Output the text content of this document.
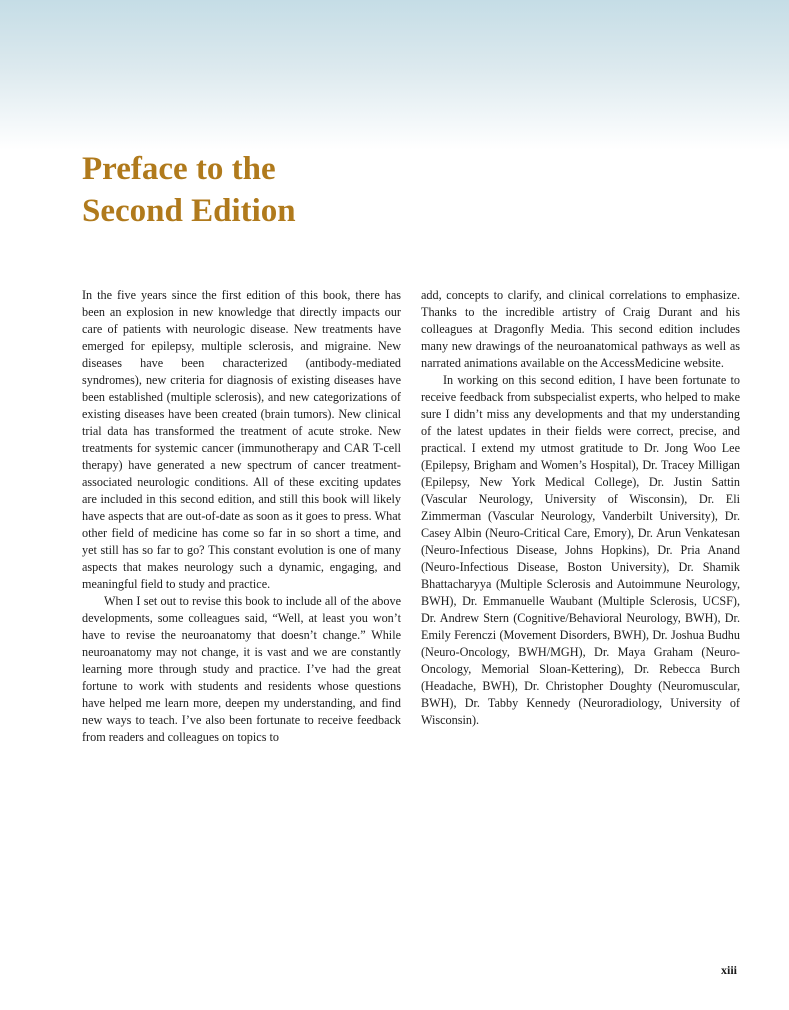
Preface to the
Second Edition

In the five years since the first edition of this book, there has been an explosion in new knowledge that directly impacts our care of patients with neurologic disease. New treatments have emerged for epilepsy, multiple sclerosis, and migraine. New diseases have been characterized (antibody-mediated syndromes), new criteria for diagnosis of existing diseases have been established (multiple sclerosis), and new categorizations of existing diseases have been created (brain tumors). New clinical trial data has transformed the treatment of acute stroke. New treatments for systemic cancer (immunotherapy and CAR T-cell therapy) have generated a new spectrum of cancer treatment-associated neurologic conditions. All of these exciting updates are included in this second edition, and still this book will likely have aspects that are out-of-date as soon as it goes to press. What other field of medicine has come so far in so short a time, and yet still has so far to go? This constant evolution is one of many aspects that makes neurology such a dynamic, engaging, and meaningful field to study and practice.

When I set out to revise this book to include all of the above developments, some colleagues said, “Well, at least you won’t have to revise the neuroanatomy that doesn’t change.” While neuroanatomy may not change, it is vast and we are constantly learning more through study and practice. I’ve had the great fortune to work with students and residents whose questions have helped me learn more, deepen my understanding, and find new ways to teach. I’ve also been fortunate to receive feedback from readers and colleagues on topics to

add, concepts to clarify, and clinical correlations to emphasize. Thanks to the incredible artistry of Craig Durant and his colleagues at Dragonfly Media. This second edition includes many new drawings of the neuroanatomical pathways as well as narrated animations available on the AccessMedicine website.

In working on this second edition, I have been fortunate to receive feedback from subspecialist experts, who helped to make sure I didn’t miss any developments and that my understanding of the latest updates in their fields were correct, precise, and practical. I extend my utmost gratitude to Dr. Jong Woo Lee (Epilepsy, Brigham and Women’s Hospital), Dr. Tracey Milligan (Epilepsy, New York Medical College), Dr. Justin Sattin (Vascular Neurology, University of Wisconsin), Dr. Eli Zimmerman (Vascular Neurology, Vanderbilt University), Dr. Casey Albin (Neuro-Critical Care, Emory), Dr. Arun Venkatesan (Neuro-Infectious Disease, Johns Hopkins), Dr. Pria Anand (Neuro-Infectious Disease, Boston University), Dr. Shamik Bhattacharyya (Multiple Sclerosis and Autoimmune Neurology, BWH), Dr. Emmanuelle Waubant (Multiple Sclerosis, UCSF), Dr. Andrew Stern (Cognitive/Behavioral Neurology, BWH), Dr. Emily Ferenczi (Movement Disorders, BWH), Dr. Joshua Budhu (Neuro-Oncology, BWH/MGH), Dr. Maya Graham (Neuro-Oncology, Memorial Sloan-Kettering), Dr. Rebecca Burch (Headache, BWH), Dr. Christopher Doughty (Neuromuscular, BWH), Dr. Tabby Kennedy (Neuroradiology, University of Wisconsin).

xiii
